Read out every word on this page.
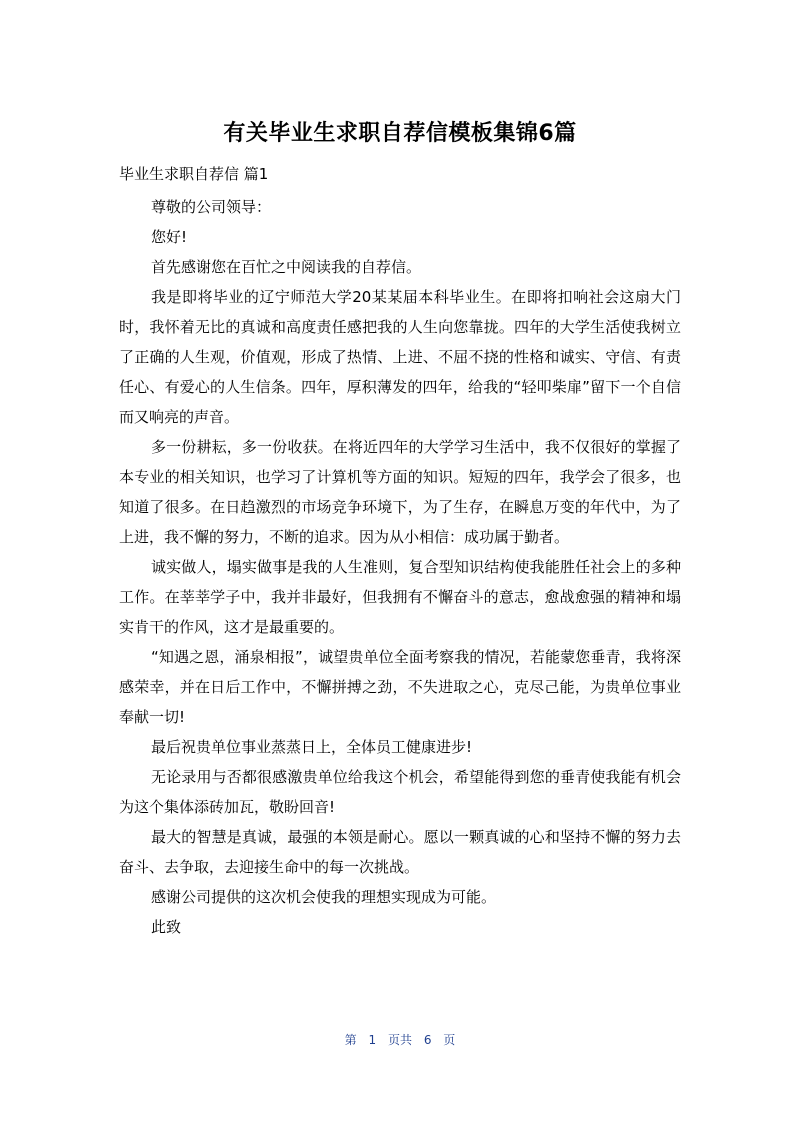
有关毕业生求职自荐信模板集锦6篇
毕业生求职自荐信 篇1

尊敬的公司领导：

您好!

首先感谢您在百忙之中阅读我的自荐信。

我是即将毕业的辽宁师范大学20某某届本科毕业生。在即将扣响社会这扇大门时，我怀着无比的真诚和高度责任感把我的人生向您靠拢。四年的大学生活使我树立了正确的人生观，价值观，形成了热情、上进、不屈不挠的性格和诚实、守信、有责任心、有爱心的人生信条。四年，厚积薄发的四年，给我的“轻叩柴扉”留下一个自信而又响亮的声音。

多一份耕耘，多一份收获。在将近四年的大学学习生活中，我不仅很好的掌握了本专业的相关知识，也学习了计算机等方面的知识。短短的四年，我学会了很多，也知道了很多。在日趋激烈的市场竞争环境下，为了生存，在瞬息万变的年代中，为了上进，我不懈的努力，不断的追求。因为从小相信：成功属于勤者。

诚实做人，塌实做事是我的人生准则，复合型知识结构使我能胜任社会上的多种工作。在莘莘学子中，我并非最好，但我拥有不懈奋斗的意志，愈战愈强的精神和塌实肯干的作风，这才是最重要的。

“知遇之恩，涌泉相报”，诚望贵单位全面考察我的情况，若能蒙您垂青，我将深感荣幸，并在日后工作中，不懈拼搏之劲，不失进取之心，克尽己能，为贵单位事业奉献一切!

最后祝贵单位事业蒸蒸日上，全体员工健康进步!

无论录用与否都很感激贵单位给我这个机会，希望能得到您的垂青使我能有机会为这个集体添砖加瓦，敬盼回音!

最大的智慧是真诚，最强的本领是耐心。愿以一颗真诚的心和坚持不懈的努力去奋斗、去争取，去迎接生命中的每一次挑战。

感谢公司提供的这次机会使我的理想实现成为可能。

此致

第 1 页共 6 页
